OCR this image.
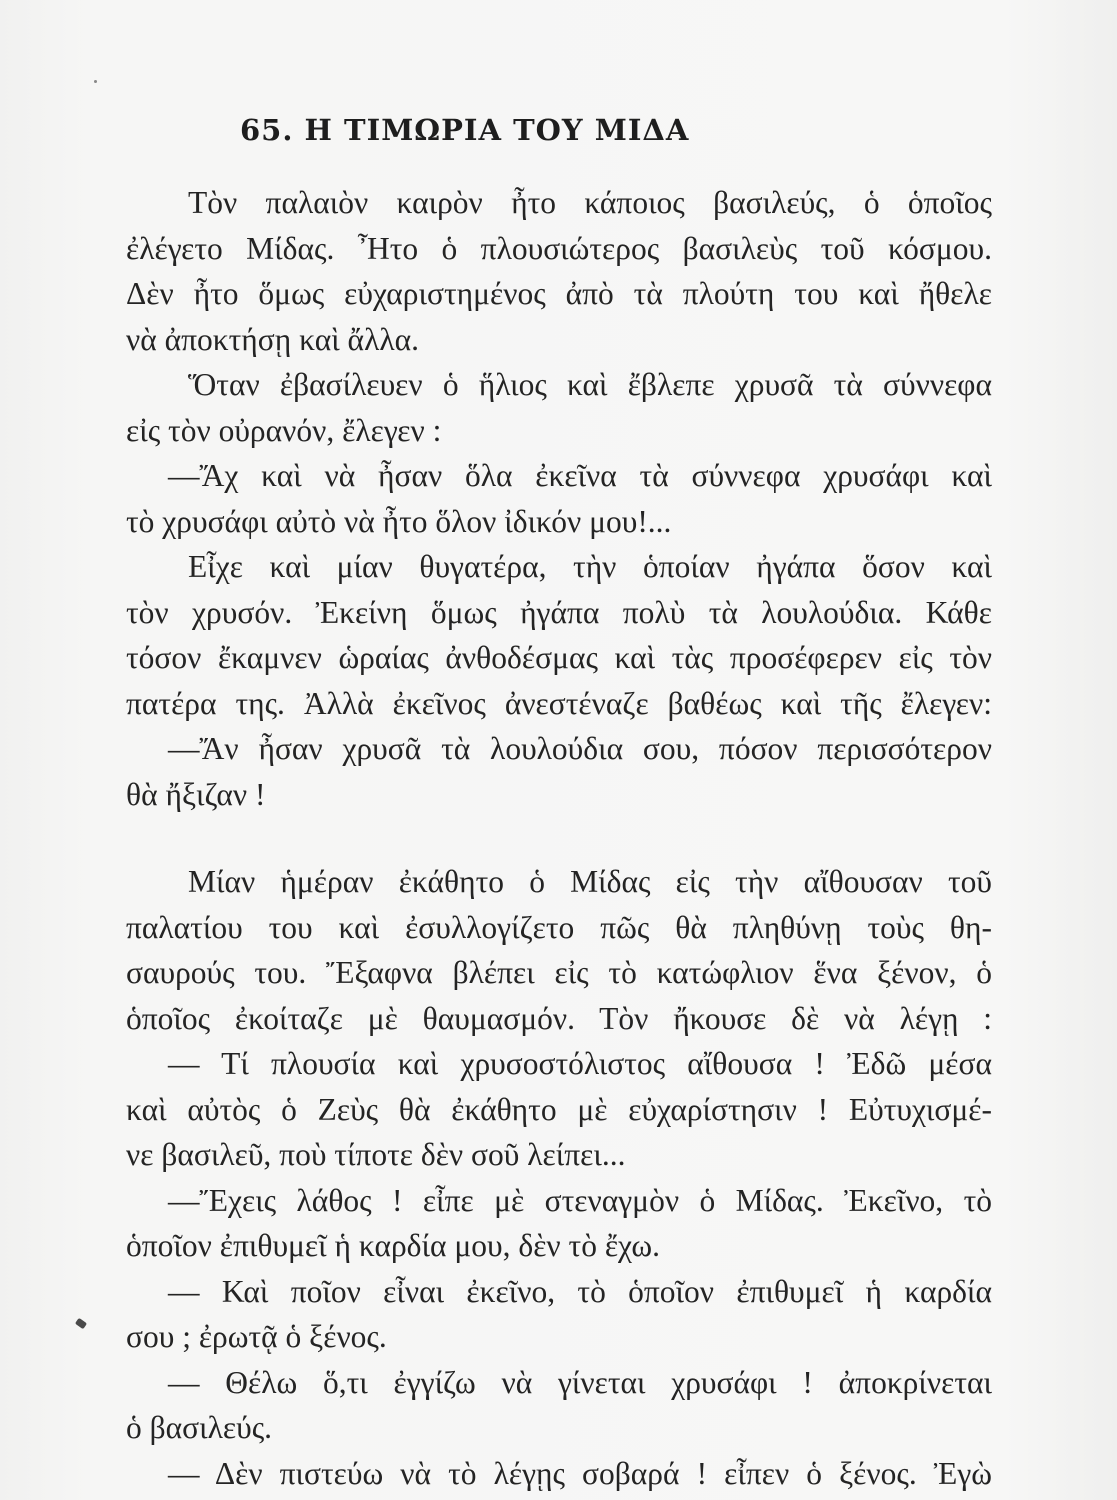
65. Η ΤΙΜΩΡΙΑ ΤΟΥ ΜΙΔΑ
Τὸν παλαιὸν καιρὸν ἦτο κάποιος βασιλεύς, ὁ ὁποῖος
ἐλέγετο Μίδας. Ἦτο ὁ πλουσιώτερος βασιλεὺς τοῦ κόσμου.
Δὲν ἦτο ὅμως εὐχαριστημένος ἀπὸ τὰ πλούτη του καὶ ἤθελε
νὰ ἀποκτήσῃ καὶ ἄλλα.
Ὅταν ἐβασίλευεν ὁ ἥλιος καὶ ἔβλεπε χρυσᾶ τὰ σύννεφα
εἰς τὸν οὐρανόν, ἔλεγεν :
—Ἄχ καὶ νὰ ἦσαν ὅλα ἐκεῖνα τὰ σύννεφα χρυσάφι καὶ
τὸ χρυσάφι αὐτὸ νὰ ἦτο ὅλον ἰδικόν μου!...
Εἶχε καὶ μίαν θυγατέρα, τὴν ὁποίαν ἠγάπα ὅσον καὶ
τὸν χρυσόν. Ἐκείνη ὅμως ἠγάπα πολὺ τὰ λουλούδια. Κάθε
τόσον ἔκαμνεν ὡραίας ἀνθοδέσμας καὶ τὰς προσέφερεν εἰς τὸν
πατέρα της. Ἀλλὰ ἐκεῖνος ἀνεστέναζε βαθέως καὶ τῆς ἔλεγεν:
—Ἄν ἦσαν χρυσᾶ τὰ λουλούδια σου, πόσον περισσότερον
θὰ ἤξιζαν !
Μίαν ἡμέραν ἐκάθητο ὁ Μίδας εἰς τὴν αἴθουσαν τοῦ
παλατίου του καὶ ἐσυλλογίζετο πῶς θὰ πληθύνῃ τοὺς θη-
σαυρούς του. Ἔξαφνα βλέπει εἰς τὸ κατώφλιον ἕνα ξένον, ὁ
ὁποῖος ἐκοίταζε μὲ θαυμασμόν. Τὸν ἤκουσε δὲ νὰ λέγῃ :
— Τί πλουσία καὶ χρυσοστόλιστος αἴθουσα ! Ἐδῶ μέσα
καὶ αὐτὸς ὁ Ζεὺς θὰ ἐκάθητο μὲ εὐχαρίστησιν ! Εὐτυχισμέ-
νε βασιλεῦ, ποὺ τίποτε δὲν σοῦ λείπει...
—Ἔχεις λάθος ! εἶπε μὲ στεναγμὸν ὁ Μίδας. Ἐκεῖνο, τὸ
ὁποῖον ἐπιθυμεῖ ἡ καρδία μου, δὲν τὸ ἔχω.
— Καὶ ποῖον εἶναι ἐκεῖνο, τὸ ὁποῖον ἐπιθυμεῖ ἡ καρδία
σου ; ἐρωτᾷ ὁ ξένος.
— Θέλω ὅ,τι ἐγγίζω νὰ γίνεται χρυσάφι ! ἀποκρίνεται
ὁ βασιλεύς.
— Δὲν πιστεύω νὰ τὸ λέγῃς σοβαρά ! εἶπεν ὁ ξένος. Ἐγὼ
